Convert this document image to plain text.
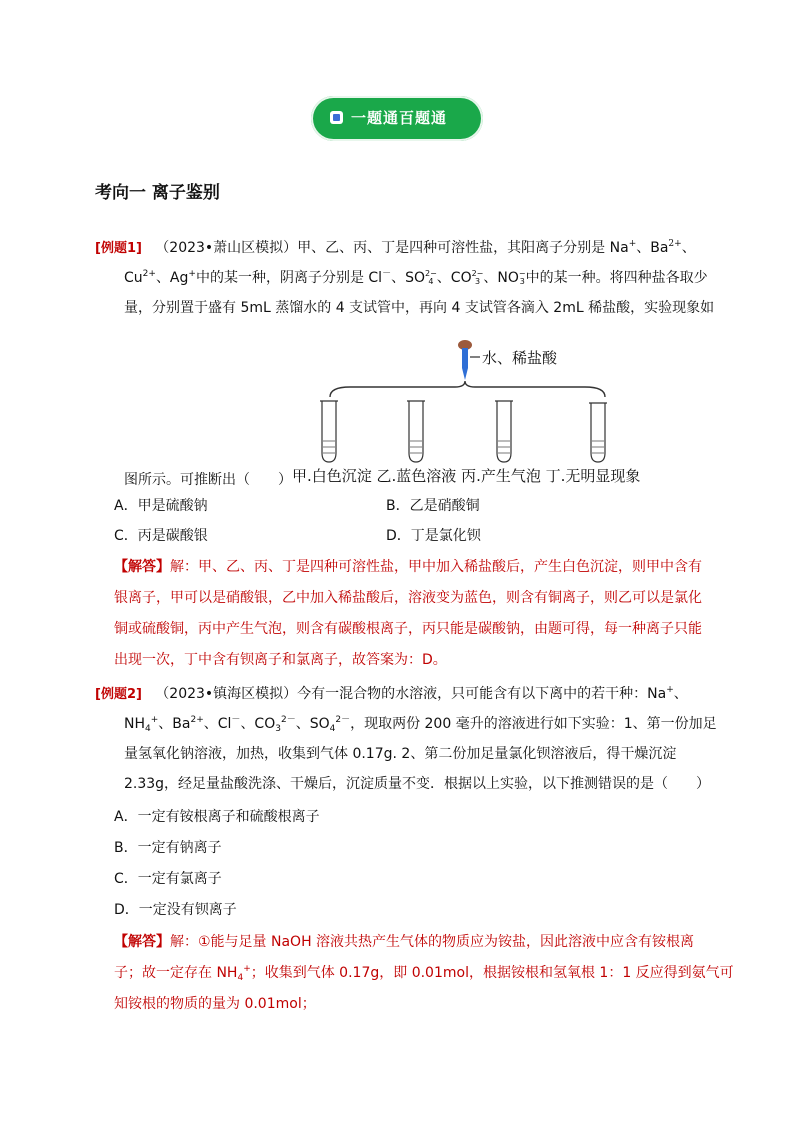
一题通百题通
考向一 离子鉴别
[例题1] （2023•萧山区模拟）甲、乙、丙、丁是四种可溶性盐，其阳离子分别是 Na+、$Ba^{2+}$、
$Cu^{2+}$、Ag+中的某一种，阴离子分别是 Cl－、SO2−
4 、CO2−
3 、NO−
3中的某一种。将四种盐各取少
量，分别置于盛有 5mL 蒸馏水的 4 支试管中，再向 4 支试管各滴入 2mL 稀盐酸，实验现象如
水、稀盐酸
图所示。可推断出（　　） 甲.白色沉淀 乙.蓝色溶液 丙.产生气泡 丁.无明显现象
A．甲是硫酸钠	B．乙是硝酸铜
C．丙是碳酸银	D．丁是氯化钡
【解答】解：甲、乙、丙、丁是四种可溶性盐，甲中加入稀盐酸后，产生白色沉淀，则甲中含有
银离子，甲可以是硝酸银，乙中加入稀盐酸后，溶液变为蓝色，则含有铜离子，则乙可以是氯化
铜或硫酸铜，丙中产生气泡，则含有碳酸根离子，丙只能是碳酸钠，由题可得，每一种离子只能
出现一次，丁中含有钡离子和氯离子，故答案为：D。
[例题2] （2023•镇海区模拟）今有一混合物的水溶液，只可能含有以下离中的若干种：Na+、
$NH_4^+$、$Ba^{2+}$、Cl－、$CO_3^{2-}$、$SO_4^{2-}$，现取两份 200 毫升的溶液进行如下实验：1、第一份加足
量氢氧化钠溶液，加热，收集到气体 0.17g. 2、第二份加足量氯化钡溶液后，得干燥沉淀
2.33g，经足量盐酸洗涤、干燥后，沉淀质量不变．根据以上实验，以下推测错误的是（　　）
A．一定有铵根离子和硫酸根离子
B．一定有钠离子
C．一定有氯离子
D．一定没有钡离子
【解答】解：①能与足量 NaOH 溶液共热产生气体的物质应为铵盐，因此溶液中应含有铵根离
子；故一定存在 $NH_4^+$；收集到气体 0.17g，即 0.01mol，根据铵根和氢氧根 1：1 反应得到氨气可
知铵根的物质的量为 0.01mol；
